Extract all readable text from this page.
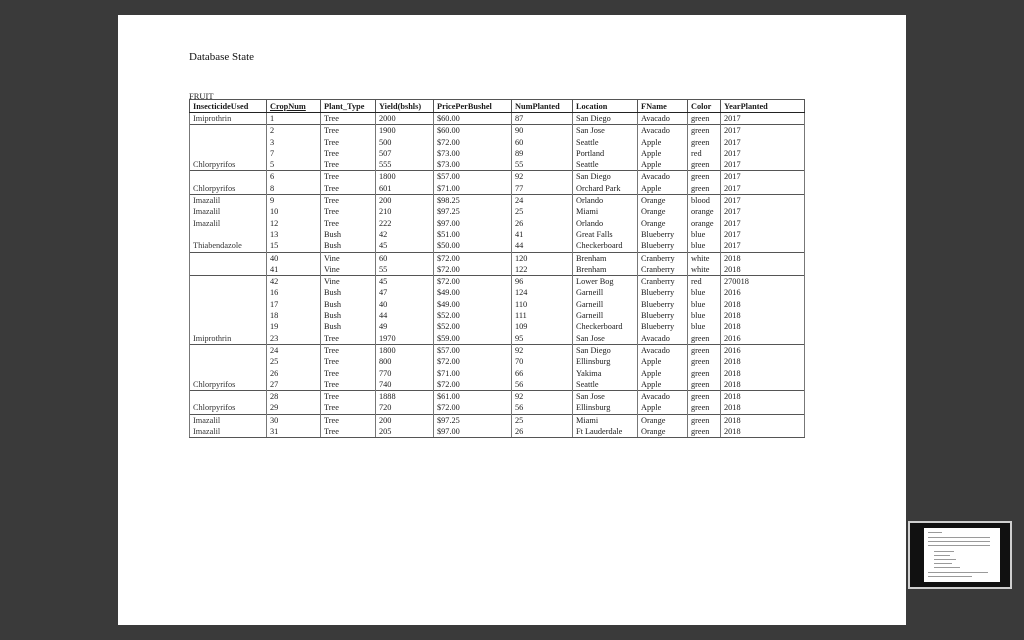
Database State
FRUIT
InsecticideUsed	CropNum	Plant_Type	Yield(bshls)	PricePerBushel	NumPlanted	Location	FName	Color	YearPlanted
Imiprothrin	1	Tree	2000	$60.00	87	San Diego	Avacado	green	2017
	2	Tree	1900	$60.00	90	San Jose	Avacado	green	2017
	3	Tree	500	$72.00	60	Seattle	Apple	green	2017
	7	Tree	507	$73.00	89	Portland	Apple	red	2017
Chlorpyrifos	5	Tree	555	$73.00	55	Seattle	Apple	green	2017
	6	Tree	1800	$57.00	92	San Diego	Avacado	green	2017
Chlorpyrifos	8	Tree	601	$71.00	77	Orchard Park	Apple	green	2017
Imazalil	9	Tree	200	$98.25	24	Orlando	Orange	blood	2017
Imazalil	10	Tree	210	$97.25	25	Miami	Orange	orange	2017
Imazalil	12	Tree	222	$97.00	26	Orlando	Orange	orange	2017
	13	Bush	42	$51.00	41	Great Falls	Blueberry	blue	2017
Thiabendazole	15	Bush	45	$50.00	44	Checkerboard	Blueberry	blue	2017
	40	Vine	60	$72.00	120	Brenham	Cranberry	white	2018
	41	Vine	55	$72.00	122	Brenham	Cranberry	white	2018
	42	Vine	45	$72.00	96	Lower Bog	Cranberry	red	270018
	16	Bush	47	$49.00	124	Garneill	Blueberry	blue	2016
	17	Bush	40	$49.00	110	Garneill	Blueberry	blue	2018
	18	Bush	44	$52.00	111	Garneill	Blueberry	blue	2018
	19	Bush	49	$52.00	109	Checkerboard	Blueberry	blue	2018
Imiprothrin	23	Tree	1970	$59.00	95	San Jose	Avacado	green	2016
	24	Tree	1800	$57.00	92	San Diego	Avacado	green	2016
	25	Tree	800	$72.00	70	Ellinsburg	Apple	green	2018
	26	Tree	770	$71.00	66	Yakima	Apple	green	2018
Chlorpyrifos	27	Tree	740	$72.00	56	Seattle	Apple	green	2018
	28	Tree	1888	$61.00	92	San Jose	Avacado	green	2018
Chlorpyrifos	29	Tree	720	$72.00	56	Ellinsburg	Apple	green	2018
Imazalil	30	Tree	200	$97.25	25	Miami	Orange	green	2018
Imazalil	31	Tree	205	$97.00	26	Ft Lauderdale	Orange	green	2018
